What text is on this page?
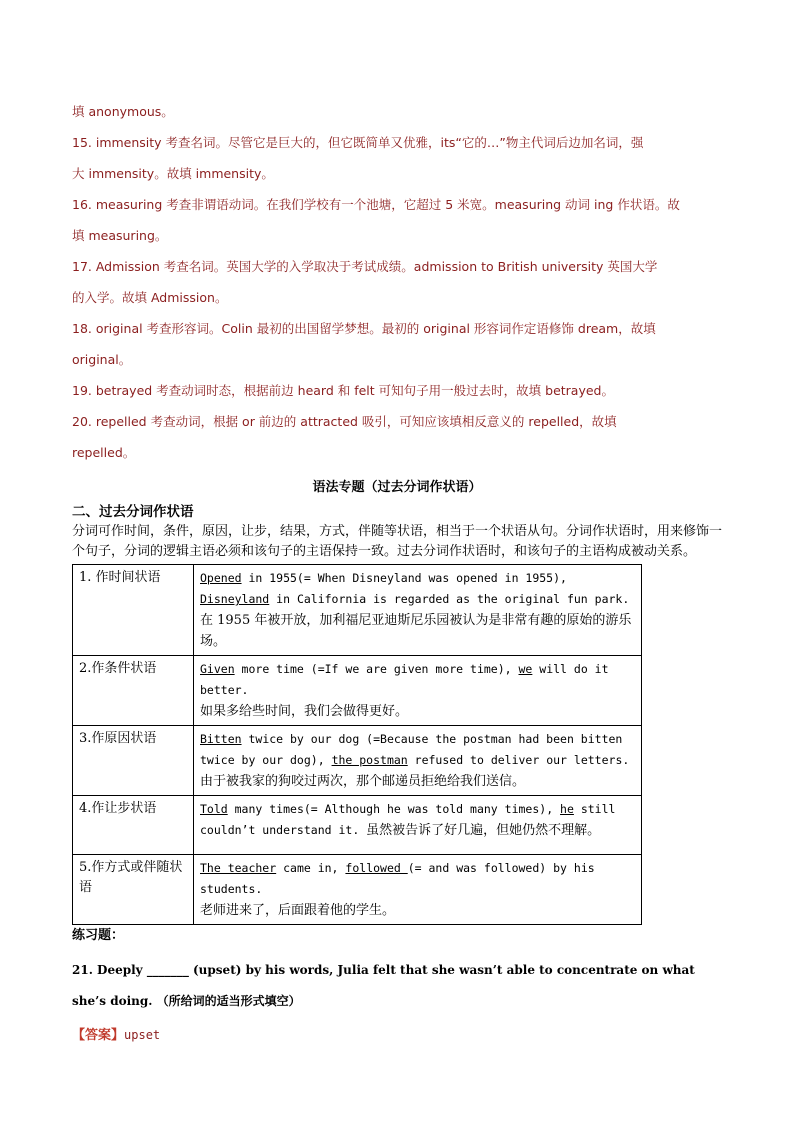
填 anonymous。

15. immensity 考查名词。尽管它是巨大的，但它既简单又优雅，its“它的…”物主代词后边加名词，强

大 immensity。故填 immensity。

16. measuring 考查非谓语动词。在我们学校有一个池塘，它超过 5 米宽。measuring 动词 ing 作状语。故

填 measuring。

17. Admission 考查名词。英国大学的入学取决于考试成绩。admission to British university 英国大学

的入学。故填 Admission。

18. original 考查形容词。Colin 最初的出国留学梦想。最初的 original 形容词作定语修饰 dream，故填

original。

19. betrayed 考查动词时态，根据前边 heard 和 felt 可知句子用一般过去时，故填 betrayed。

20. repelled 考查动词，根据 or 前边的 attracted 吸引，可知应该填相反意义的 repelled，故填

repelled。

语法专题（过去分词作状语）
二、过去分词作状语
分词可作时间，条件，原因，让步，结果，方式，伴随等状语，相当于一个状语从句。分词作状语时，用来修饰一个句子，分词的逻辑主语必须和该句子的主语保持一致。过去分词作状语时，和该句子的主语构成被动关系。
1. 作时间状语	Opened in 1955(= When Disneyland was opened in 1955), Disneyland in California is regarded as the original fun park.
在 1955 年被开放，加利福尼亚迪斯尼乐园被认为是非常有趣的原始的游乐场。
2.作条件状语	Given more time (=If we are given more time), we will do it better.
如果多给些时间，我们会做得更好。
3.作原因状语	Bitten twice by our dog (=Because the postman had been bitten twice by our dog), the postman refused to deliver our letters.
由于被我家的狗咬过两次，那个邮递员拒绝给我们送信。
4.作让步状语	Told many times(= Although he was told many times), he still couldn’t understand it. 虽然被告诉了好几遍，但她仍然不理解。
5.作方式或伴随状语	The teacher came in, followed (= and was followed) by his students.
老师进来了，后面跟着他的学生。
练习题：
21. Deeply _______ (upset) by his words, Julia felt that she wasn’t able to concentrate on what
she’s doing. （所给词的适当形式填空）
【答案】upset
